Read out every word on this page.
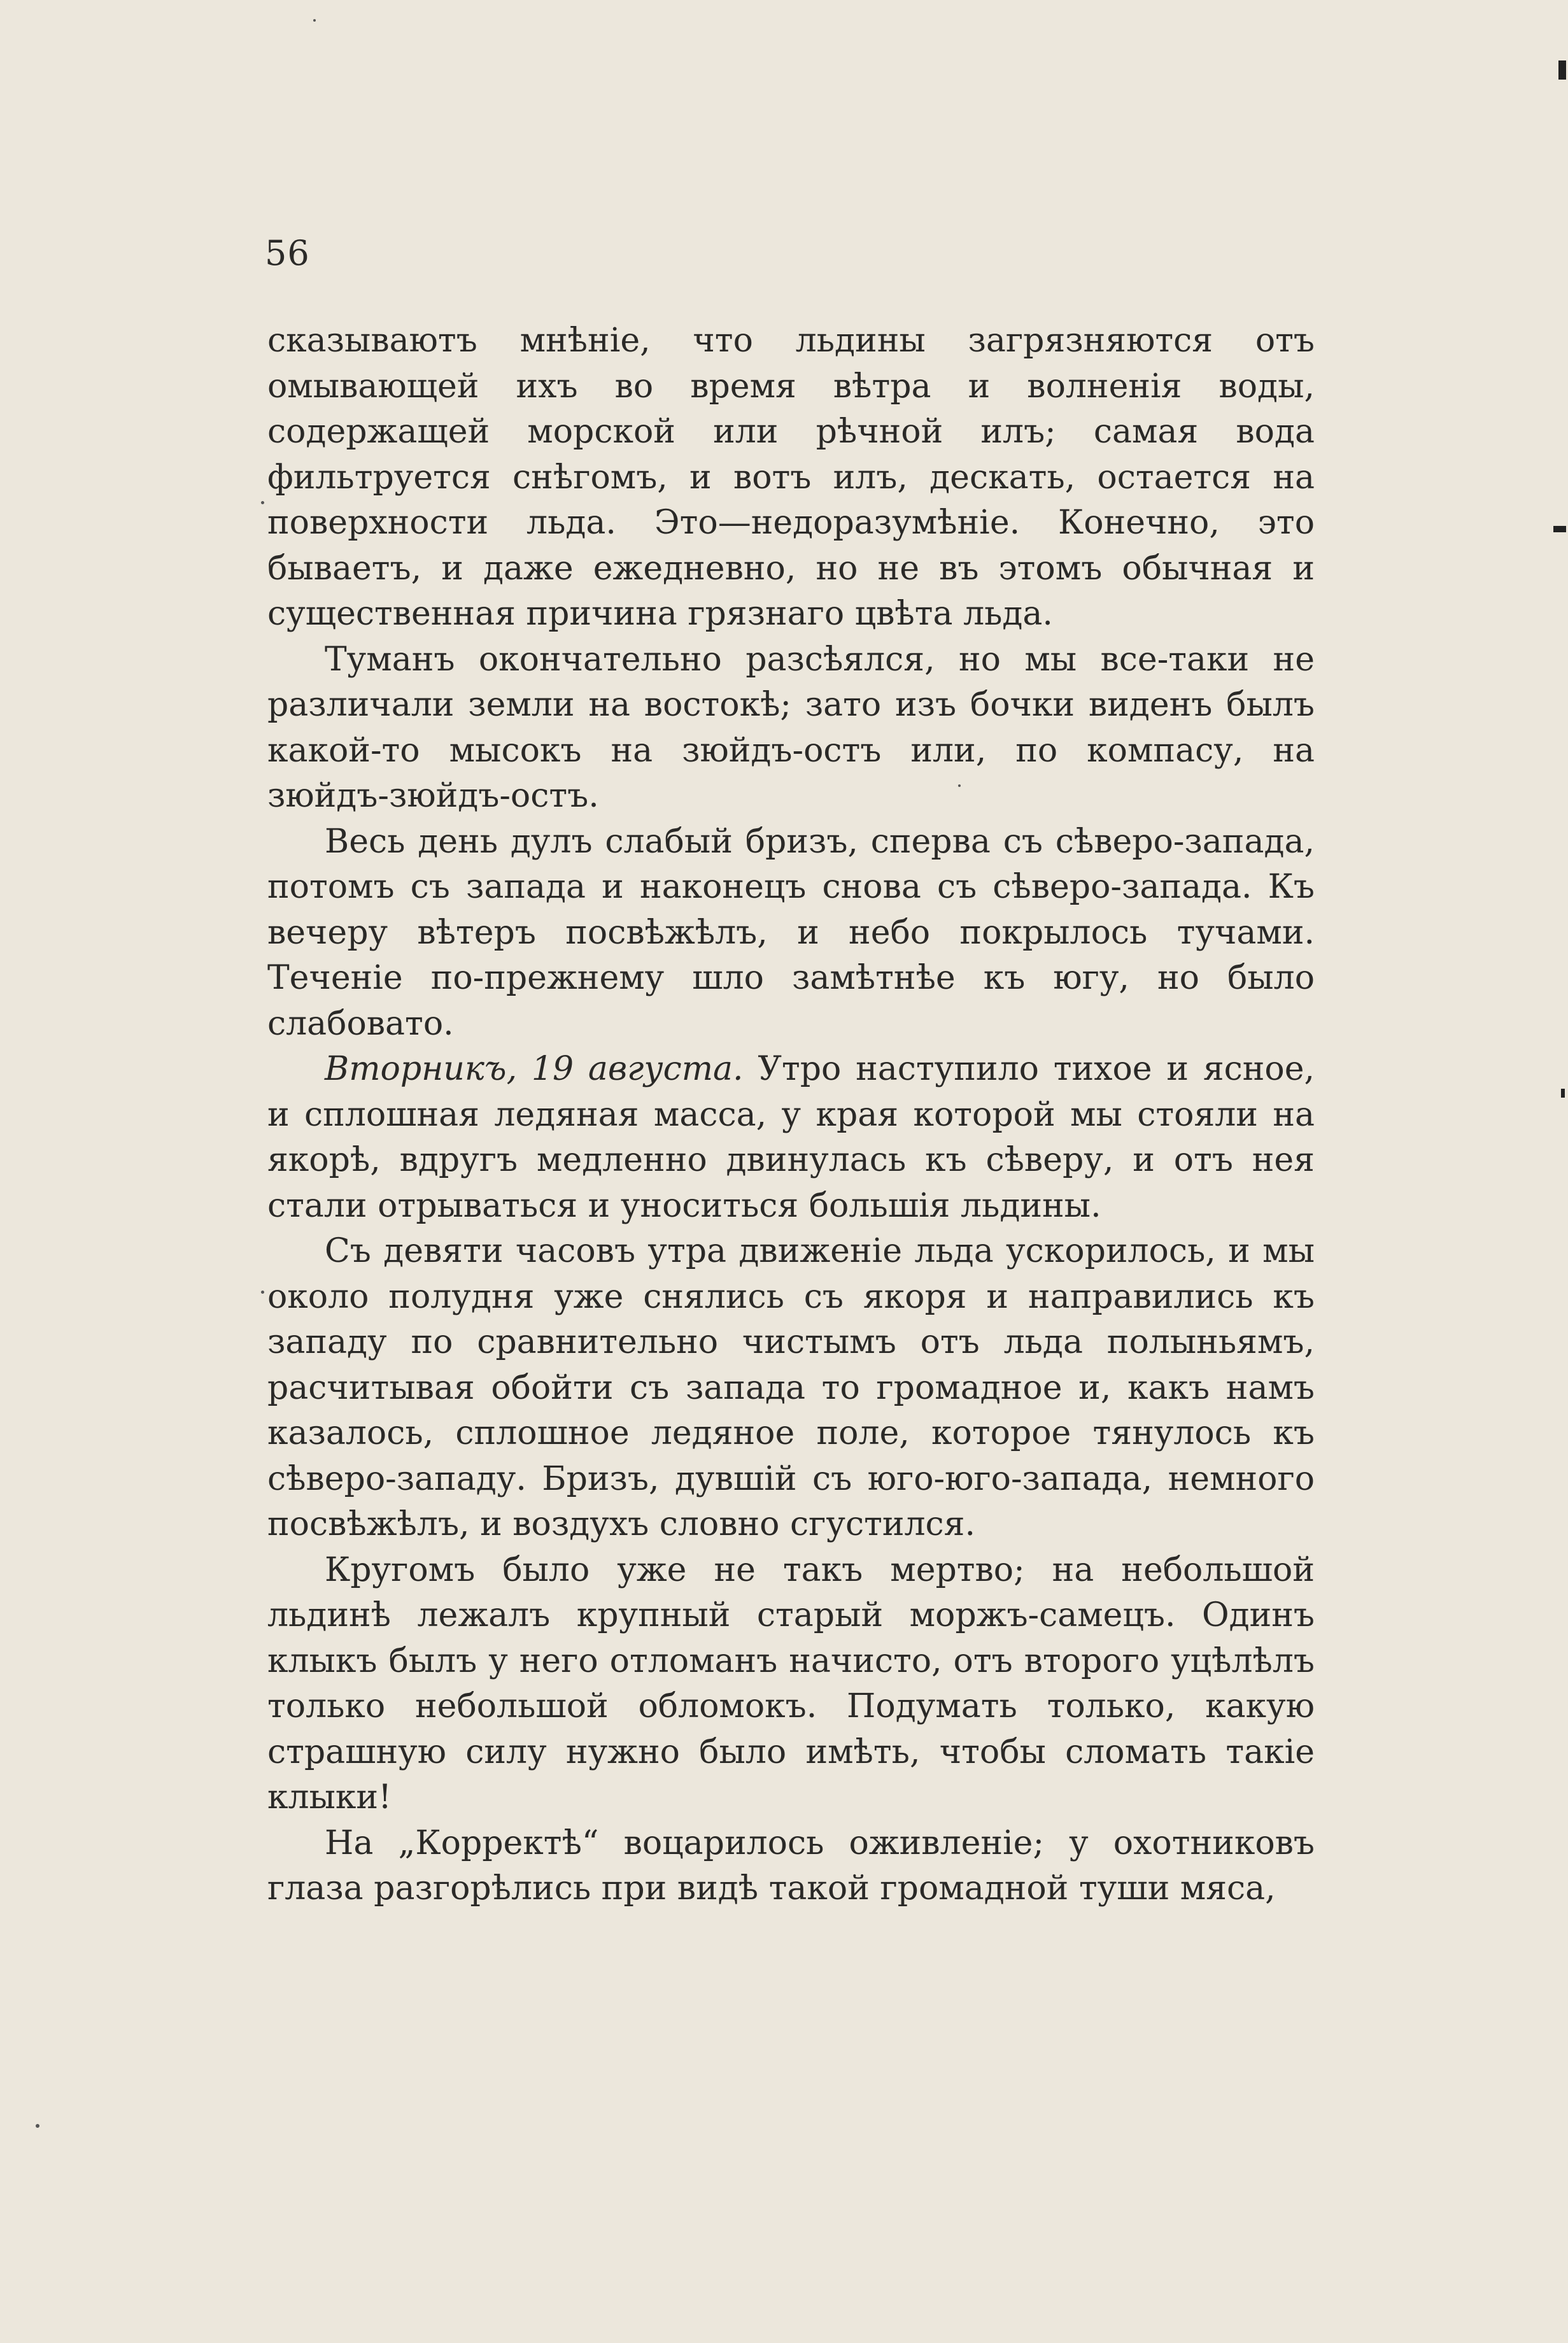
56

сказываютъ мнѣніе, что льдины загрязняются отъ омывающей ихъ во время вѣтра и волненія воды, содержащей морской или рѣчной илъ; самая вода фильтруется снѣгомъ, и вотъ илъ, дескать, остается на поверхности льда. Это—недоразумѣніе. Конечно, это бываетъ, и даже ежедневно, но не въ этомъ обычная и существенная причина грязнаго цвѣта льда.

Туманъ окончательно разсѣялся, но мы все-таки не различали земли на востокѣ; зато изъ бочки виденъ былъ какой-то мысокъ на зюйдъ-остъ или, по компасу, на зюйдъ-зюйдъ-остъ.

Весь день дулъ слабый бризъ, сперва съ сѣверо-запада, потомъ съ запада и наконецъ снова съ сѣверо-запада. Къ вечеру вѣтеръ посвѣжѣлъ, и небо покрылось тучами. Теченіе по-прежнему шло замѣтнѣе къ югу, но было слабовато.

Вторникъ, 19 августа. Утро наступило тихое и ясное, и сплошная ледяная масса, у края которой мы стояли на якорѣ, вдругъ медленно двинулась къ сѣверу, и отъ нея стали отрываться и уноситься большія льдины.

Съ девяти часовъ утра движеніе льда ускорилось, и мы около полудня уже снялись съ якоря и направились къ западу по сравнительно чистымъ отъ льда полыньямъ, расчитывая обойти съ запада то громадное и, какъ намъ казалось, сплошное ледяное поле, которое тянулось къ сѣверо-западу. Бризъ, дувшій съ юго-юго-запада, немного посвѣжѣлъ, и воздухъ словно сгустился.

Кругомъ было уже не такъ мертво; на небольшой льдинѣ лежалъ крупный старый моржъ-самецъ. Одинъ клыкъ былъ у него отломанъ начисто, отъ второго уцѣлѣлъ только небольшой обломокъ. Подумать только, какую страшную силу нужно было имѣть, чтобы сломать такіе клыки!

На „Корректѣ“ воцарилось оживленіе; у охотниковъ глаза разгорѣлись при видѣ такой громадной туши мяса,
